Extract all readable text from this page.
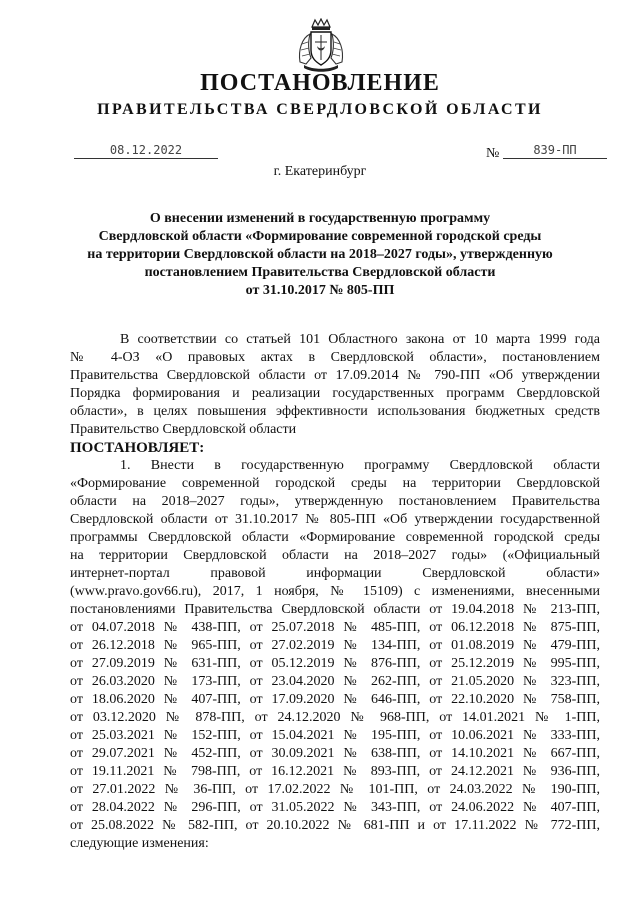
ПОСТАНОВЛЕНИЕ
ПРАВИТЕЛЬСТВА СВЕРДЛОВСКОЙ ОБЛАСТИ
08.12.2022	№	839-ПП
г. Екатеринбург
О внесении изменений в государственную программу
Свердловской области «Формирование современной городской среды
на территории Свердловской области на 2018–2027 годы», утвержденную
постановлением Правительства Свердловской области
от 31.10.2017 № 805-ПП
В соответствии со статьей 101 Областного закона от 10 марта 1999 года
№ 4-ОЗ «О правовых актах в Свердловской области», постановлением
Правительства Свердловской области от 17.09.2014 № 790-ПП «Об утверждении
Порядка формирования и реализации государственных программ Свердловской
области», в целях повышения эффективности использования бюджетных средств
Правительство Свердловской области
ПОСТАНОВЛЯЕТ:
1. Внести в государственную программу Свердловской области
«Формирование современной городской среды на территории Свердловской
области на 2018–2027 годы», утвержденную постановлением Правительства
Свердловской области от 31.10.2017 № 805-ПП «Об утверждении государственной
программы Свердловской области «Формирование современной городской среды
на территории Свердловской области на 2018–2027 годы» («Официальный
интернет-портал правовой информации Свердловской области»
(www.pravo.gov66.ru), 2017, 1 ноября, № 15109) с изменениями, внесенными
постановлениями Правительства Свердловской области от 19.04.2018 № 213-ПП,
от 04.07.2018 № 438-ПП, от 25.07.2018 № 485-ПП, от 06.12.2018 № 875-ПП,
от 26.12.2018 № 965-ПП, от 27.02.2019 № 134-ПП, от 01.08.2019 № 479-ПП,
от 27.09.2019 № 631-ПП, от 05.12.2019 № 876-ПП, от 25.12.2019 № 995-ПП,
от 26.03.2020 № 173-ПП, от 23.04.2020 № 262-ПП, от 21.05.2020 № 323-ПП,
от 18.06.2020 № 407-ПП, от 17.09.2020 № 646-ПП, от 22.10.2020 № 758-ПП,
от 03.12.2020 № 878-ПП, от 24.12.2020 № 968-ПП, от 14.01.2021 № 1-ПП,
от 25.03.2021 № 152-ПП, от 15.04.2021 № 195-ПП, от 10.06.2021 № 333-ПП,
от 29.07.2021 № 452-ПП, от 30.09.2021 № 638-ПП, от 14.10.2021 № 667-ПП,
от 19.11.2021 № 798-ПП, от 16.12.2021 № 893-ПП, от 24.12.2021 № 936-ПП,
от 27.01.2022 № 36-ПП, от 17.02.2022 № 101-ПП, от 24.03.2022 № 190-ПП,
от 28.04.2022 № 296-ПП, от 31.05.2022 № 343-ПП, от 24.06.2022 № 407-ПП,
от 25.08.2022 № 582-ПП, от 20.10.2022 № 681-ПП и от 17.11.2022 № 772-ПП,
следующие изменения:
